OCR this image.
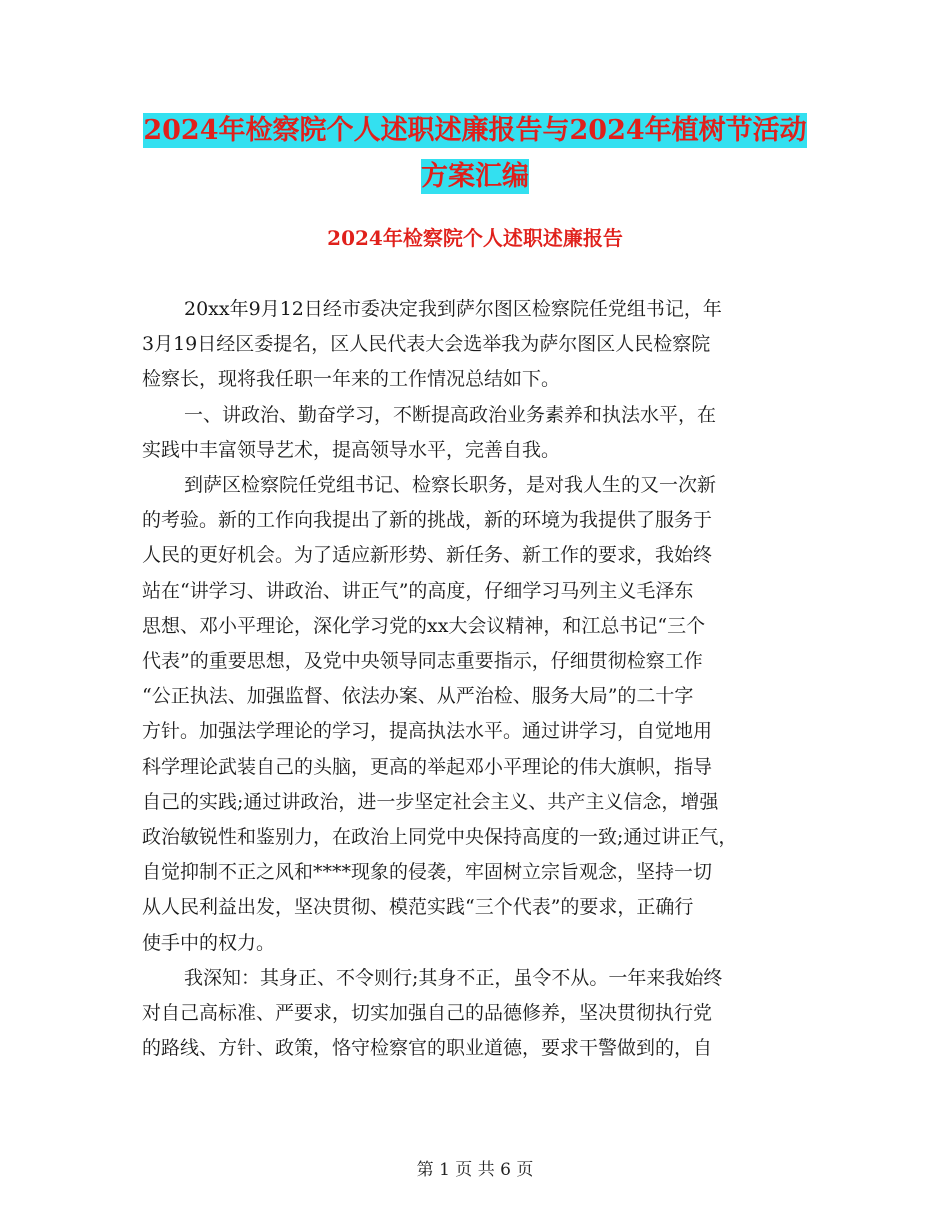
2024年检察院个人述职述廉报告与2024年植树节活动
方案汇编
2024年检察院个人述职述廉报告
20xx年9月12日经市委决定我到萨尔图区检察院任党组书记，年
3月19日经区委提名，区人民代表大会选举我为萨尔图区人民检察院
检察长，现将我任职一年来的工作情况总结如下。
一、讲政治、勤奋学习，不断提高政治业务素养和执法水平，在
实践中丰富领导艺术，提高领导水平，完善自我。
到萨区检察院任党组书记、检察长职务，是对我人生的又一次新
的考验。新的工作向我提出了新的挑战，新的环境为我提供了服务于
人民的更好机会。为了适应新形势、新任务、新工作的要求，我始终
站在“讲学习、讲政治、讲正气”的高度，仔细学习马列主义毛泽东
思想、邓小平理论，深化学习党的xx大会议精神，和江总书记“三个
代表”的重要思想，及党中央领导同志重要指示，仔细贯彻检察工作
“公正执法、加强监督、依法办案、从严治检、服务大局”的二十字
方针。加强法学理论的学习，提高执法水平。通过讲学习，自觉地用
科学理论武装自己的头脑，更高的举起邓小平理论的伟大旗帜，指导
自己的实践;通过讲政治，进一步坚定社会主义、共产主义信念，增强
政治敏锐性和鉴别力，在政治上同党中央保持高度的一致;通过讲正气，
自觉抑制不正之风和****现象的侵袭，牢固树立宗旨观念，坚持一切
从人民利益出发，坚决贯彻、模范实践“三个代表”的要求，正确行
使手中的权力。
我深知：其身正、不令则行;其身不正，虽令不从。一年来我始终
对自己高标准、严要求，切实加强自己的品德修养，坚决贯彻执行党
的路线、方针、政策，恪守检察官的职业道德，要求干警做到的，自
第 1 页 共 6 页
